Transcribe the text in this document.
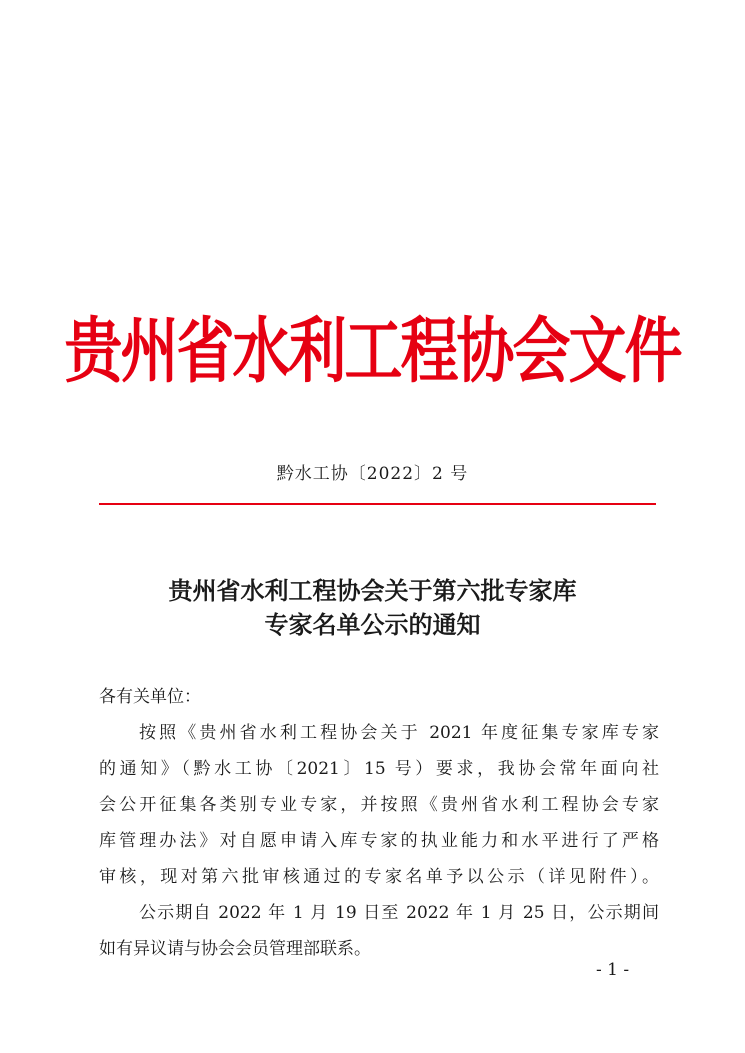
贵州省水利工程协会文件
黔水工协〔2022〕2 号
贵州省水利工程协会关于第六批专家库
专家名单公示的通知
各有关单位：
按照《贵州省水利工程协会关于 2021 年度征集专家库专家
的通知》（黔水工协〔2021〕15 号）要求，我协会常年面向社
会公开征集各类别专业专家，并按照《贵州省水利工程协会专家
库管理办法》对自愿申请入库专家的执业能力和水平进行了严格
审核，现对第六批审核通过的专家名单予以公示（详见附件）。
公示期自 2022 年 1 月 19 日至 2022 年 1 月 25 日，公示期间
如有异议请与协会会员管理部联系。
- 1 -
